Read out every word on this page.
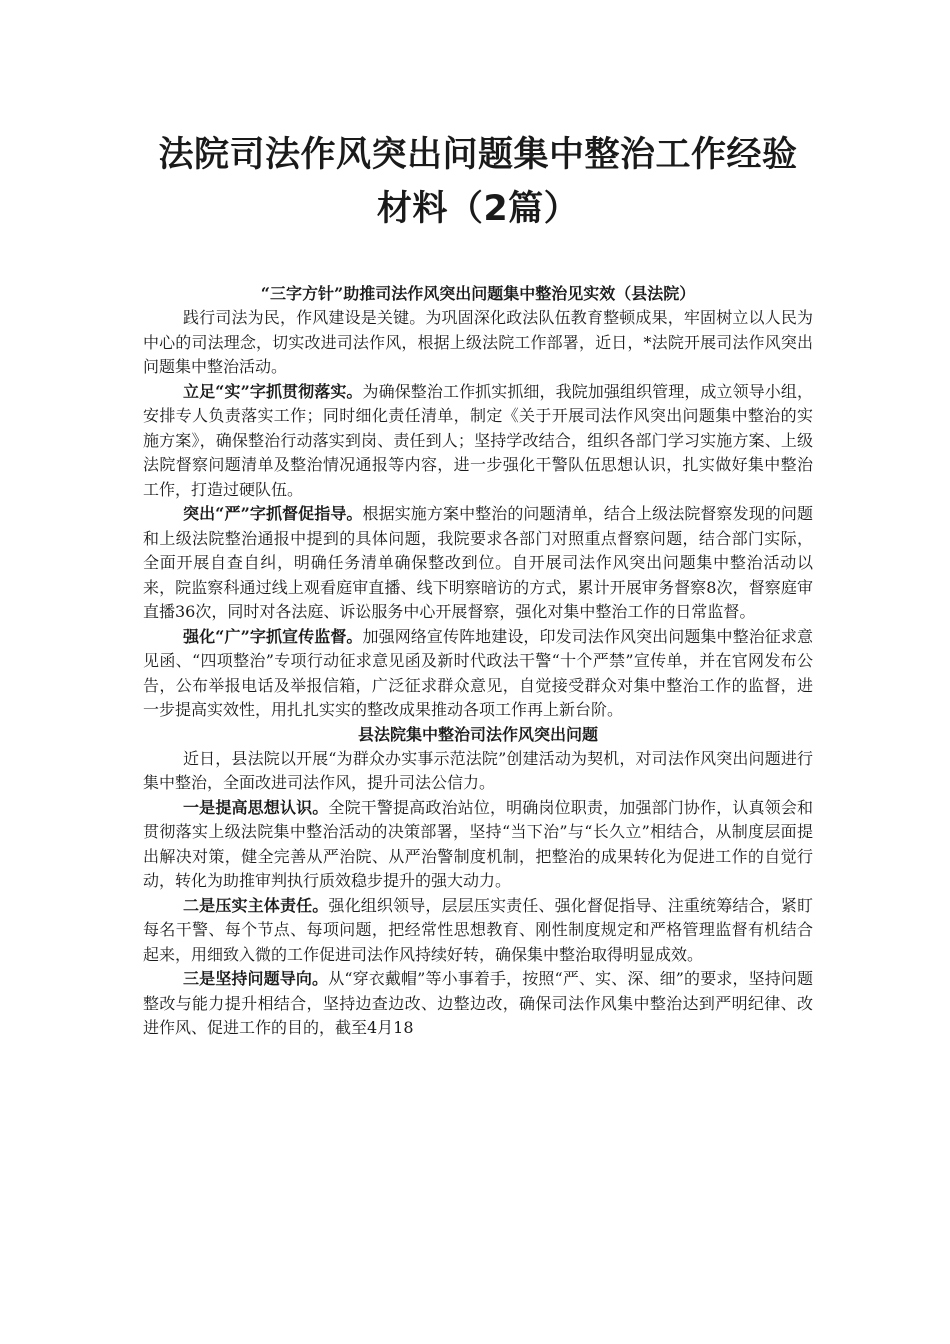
法院司法作风突出问题集中整治工作经验
材料（2篇）
“三字方针”助推司法作风突出问题集中整治见实效（县法院）

践行司法为民，作风建设是关键。为巩固深化政法队伍教育整顿成果，牢固树立以人民为中心的司法理念，切实改进司法作风，根据上级法院工作部署，近日，*法院开展司法作风突出问题集中整治活动。

立足“实”字抓贯彻落实。为确保整治工作抓实抓细，我院加强组织管理，成立领导小组，安排专人负责落实工作；同时细化责任清单，制定《关于开展司法作风突出问题集中整治的实施方案》，确保整治行动落实到岗、责任到人；坚持学改结合，组织各部门学习实施方案、上级法院督察问题清单及整治情况通报等内容，进一步强化干警队伍思想认识，扎实做好集中整治工作，打造过硬队伍。

突出“严”字抓督促指导。根据实施方案中整治的问题清单，结合上级法院督察发现的问题和上级法院整治通报中提到的具体问题，我院要求各部门对照重点督察问题，结合部门实际，全面开展自查自纠，明确任务清单确保整改到位。自开展司法作风突出问题集中整治活动以来，院监察科通过线上观看庭审直播、线下明察暗访的方式，累计开展审务督察8次，督察庭审直播36次，同时对各法庭、诉讼服务中心开展督察，强化对集中整治工作的日常监督。

强化“广”字抓宣传监督。加强网络宣传阵地建设，印发司法作风突出问题集中整治征求意见函、“四项整治”专项行动征求意见函及新时代政法干警“十个严禁”宣传单，并在官网发布公告，公布举报电话及举报信箱，广泛征求群众意见，自觉接受群众对集中整治工作的监督，进一步提高实效性，用扎扎实实的整改成果推动各项工作再上新台阶。

县法院集中整治司法作风突出问题

近日，县法院以开展“为群众办实事示范法院”创建活动为契机，对司法作风突出问题进行集中整治，全面改进司法作风，提升司法公信力。

一是提高思想认识。全院干警提高政治站位，明确岗位职责，加强部门协作，认真领会和贯彻落实上级法院集中整治活动的决策部署，坚持“当下治”与“长久立”相结合，从制度层面提出解决对策，健全完善从严治院、从严治警制度机制，把整治的成果转化为促进工作的自觉行动，转化为助推审判执行质效稳步提升的强大动力。

二是压实主体责任。强化组织领导，层层压实责任、强化督促指导、注重统筹结合，紧盯每名干警、每个节点、每项问题，把经常性思想教育、刚性制度规定和严格管理监督有机结合起来，用细致入微的工作促进司法作风持续好转，确保集中整治取得明显成效。

三是坚持问题导向。从“穿衣戴帽”等小事着手，按照“严、实、深、细”的要求，坚持问题整改与能力提升相结合，坚持边查边改、边整边改，确保司法作风集中整治达到严明纪律、改进作风、促进工作的目的，截至4月18
